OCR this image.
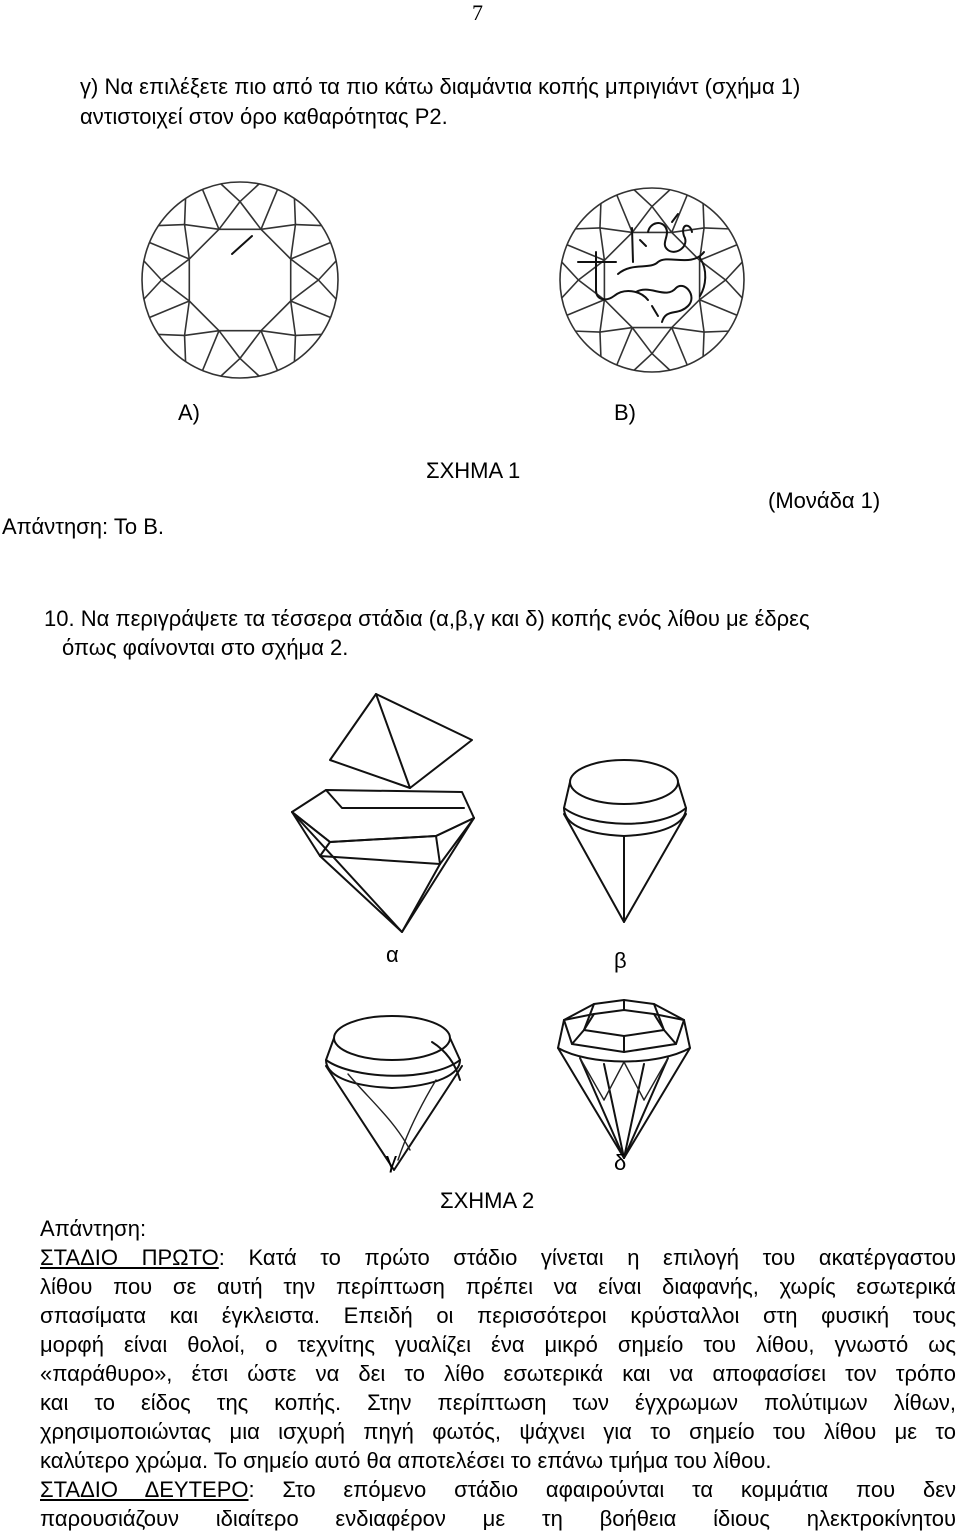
7
γ) Να επιλέξετε πιο από τα πιο κάτω διαμάντια κοπής μπριγιάντ (σχήμα 1)
αντιστοιχεί στον όρο καθαρότητας Ρ2.
Α)	Β)
ΣΧΗΜΑ 1
Απάντηση: Το Β.
(Μονάδα 1)
10. Να περιγράψετε τα τέσσερα στάδια (α,β,γ και δ) κοπής ενός λίθου με έδρες
όπως φαίνονται στο σχήμα 2.
α	β
γ	δ
ΣΧΗΜΑ 2
Απάντηση:
ΣΤΑΔΙΟ ΠΡΩΤΟ: Κατά το πρώτο στάδιο γίνεται η επιλογή του ακατέργαστου
λίθου που σε αυτή την περίπτωση πρέπει να είναι διαφανής, χωρίς εσωτερικά
σπασίματα και έγκλειστα. Επειδή οι περισσότεροι κρύσταλλοι στη φυσική τους
μορφή είναι θολοί, ο τεχνίτης γυαλίζει ένα μικρό σημείο του λίθου, γνωστό ως
«παράθυρο», έτσι ώστε να δει το λίθο εσωτερικά και να αποφασίσει τον τρόπο
και το είδος της κοπής. Στην περίπτωση των έγχρωμων πολύτιμων λίθων,
χρησιμοποιώντας μια ισχυρή πηγή φωτός, ψάχνει για το σημείο του λίθου με το
καλύτερο χρώμα. Το σημείο αυτό θα αποτελέσει το επάνω τμήμα του λίθου.
ΣΤΑΔΙΟ ΔΕΥΤΕΡΟ: Στο επόμενο στάδιο αφαιρούνται τα κομμάτια που δεν
παρουσιάζουν ιδιαίτερο ενδιαφέρον με τη βοήθεια ίδιους ηλεκτροκίνητου
